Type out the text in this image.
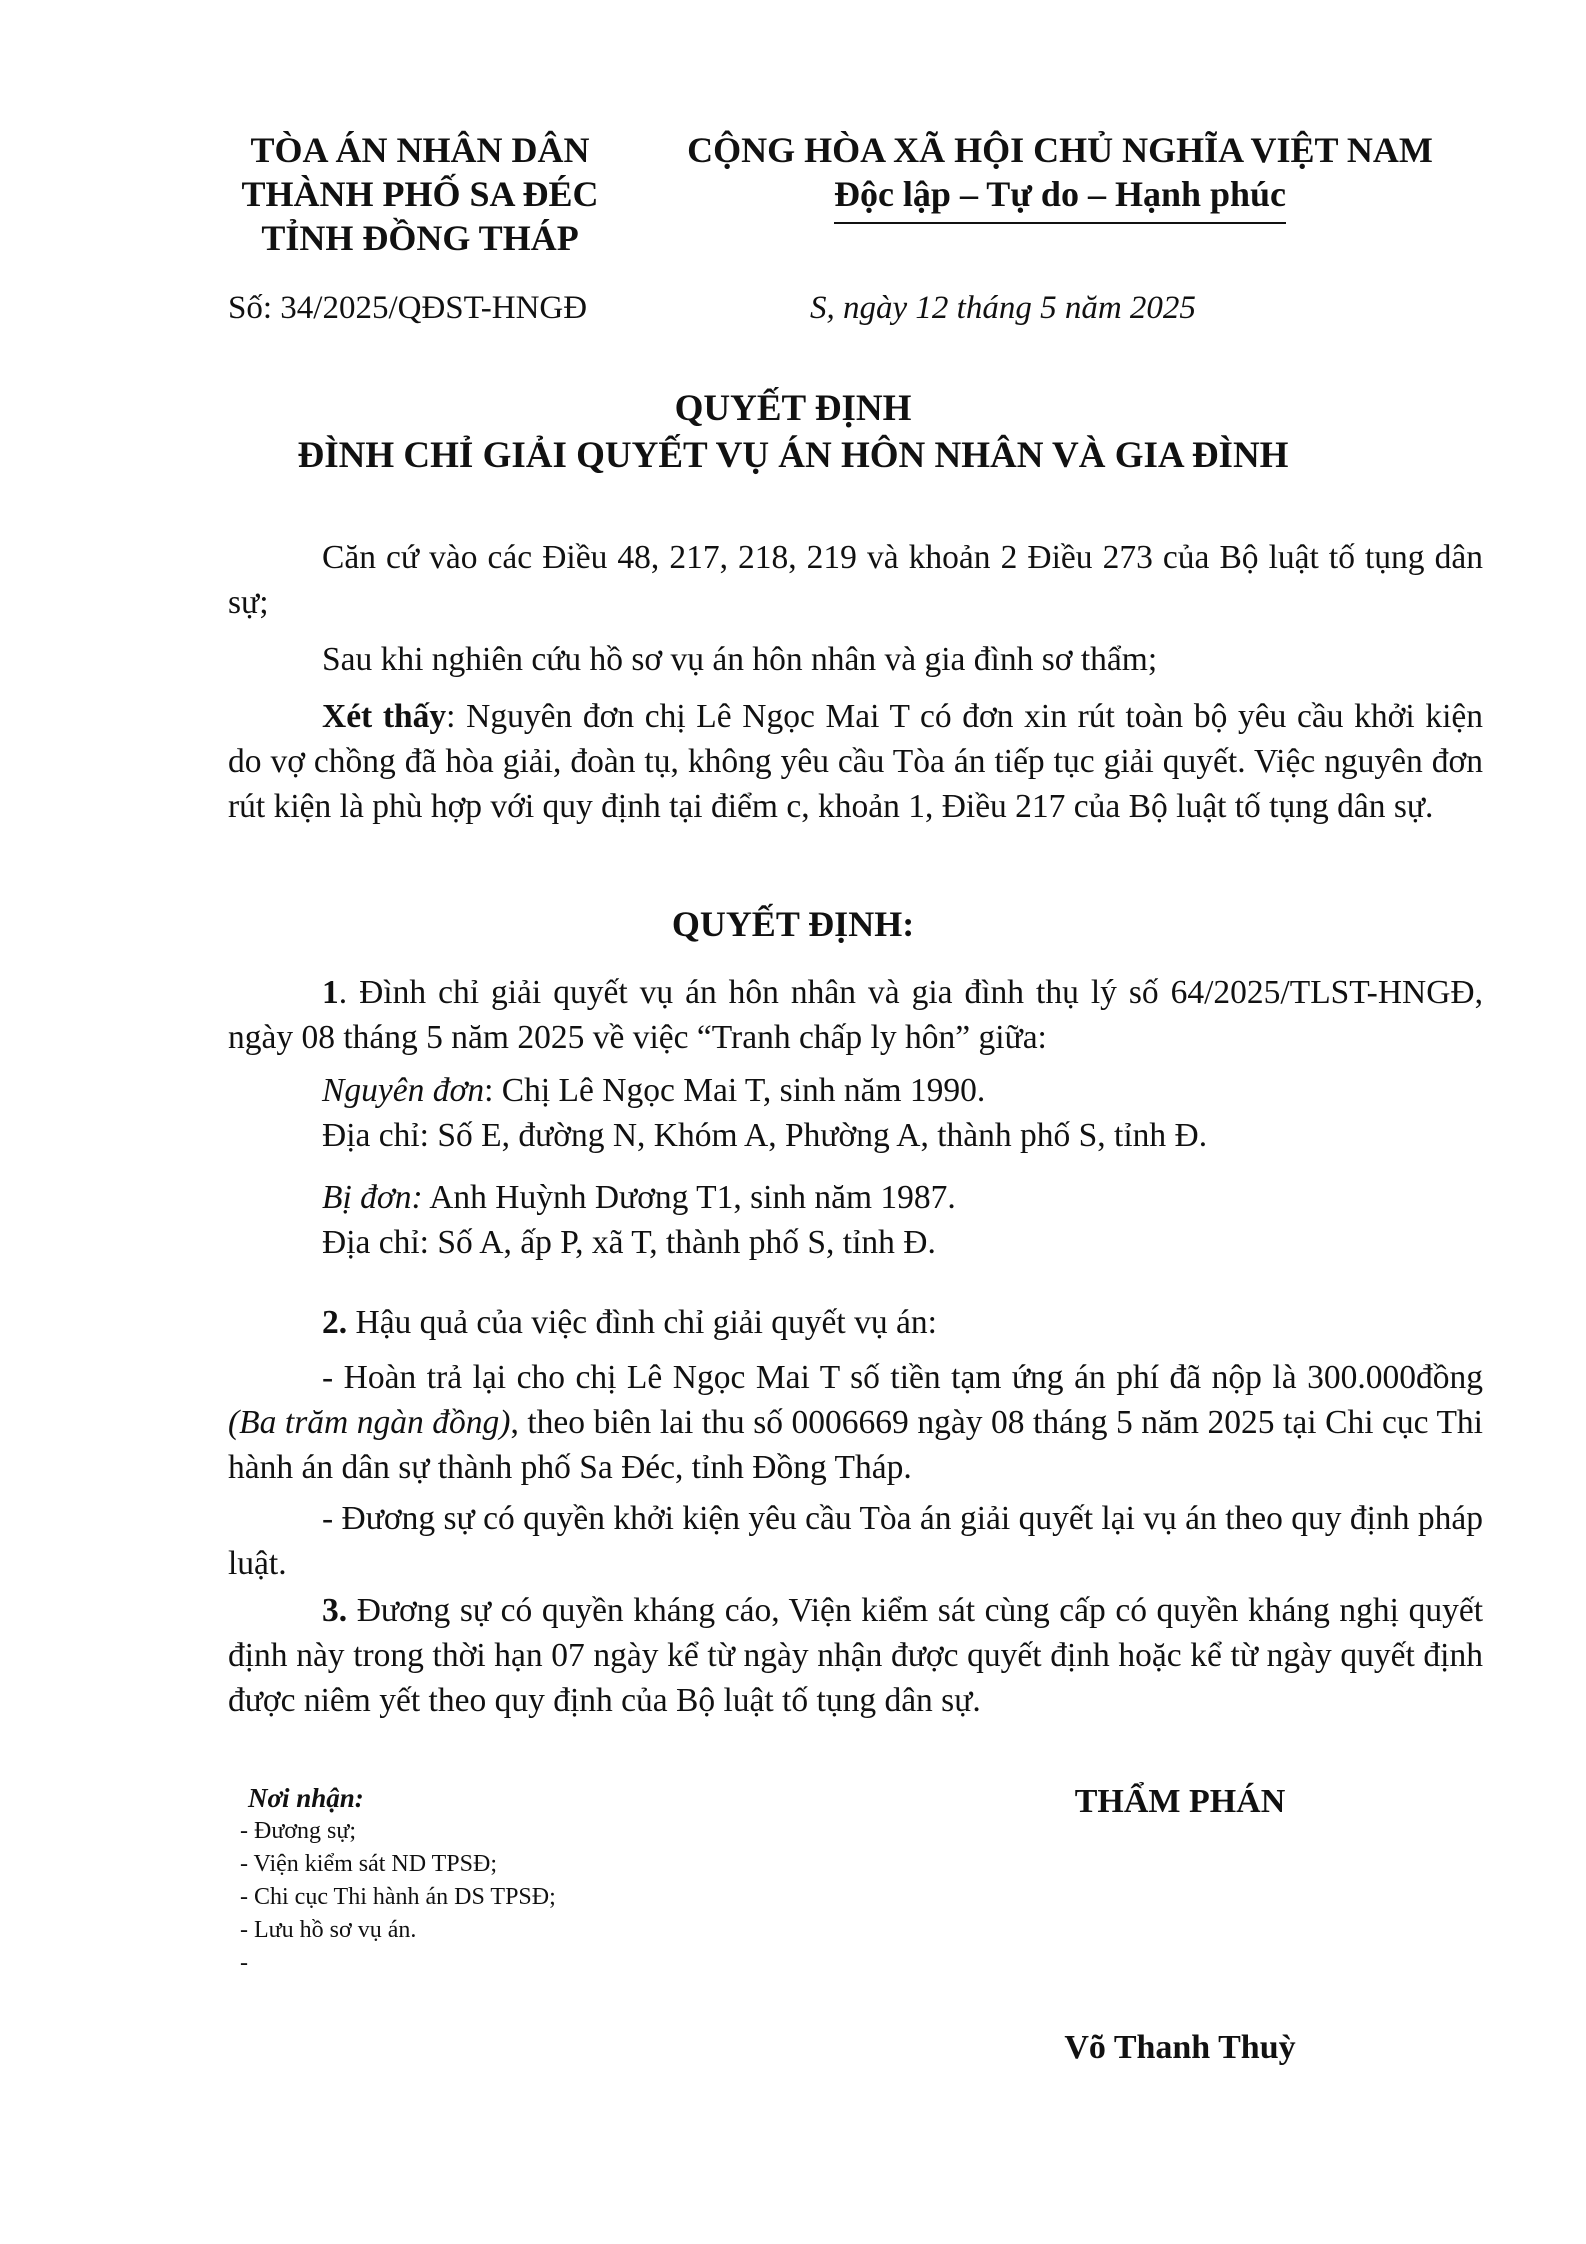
TÒA ÁN NHÂN DÂN
THÀNH PHỐ SA ĐÉC
TỈNH ĐỒNG THÁP
CỘNG HÒA XÃ HỘI CHỦ NGHĨA VIỆT NAM
Độc lập – Tự do – Hạnh phúc
Số: 34/2025/QĐST-HNGĐ	S, ngày 12 tháng 5 năm 2025
QUYẾT ĐỊNH
ĐÌNH CHỈ GIẢI QUYẾT VỤ ÁN HÔN NHÂN VÀ GIA ĐÌNH

Căn cứ vào các Điều 48, 217, 218, 219 và khoản 2 Điều 273 của Bộ luật tố tụng dân sự;

Sau khi nghiên cứu hồ sơ vụ án hôn nhân và gia đình sơ thẩm;

Xét thấy: Nguyên đơn chị Lê Ngọc Mai T có đơn xin rút toàn bộ yêu cầu khởi kiện do vợ chồng đã hòa giải, đoàn tụ, không yêu cầu Tòa án tiếp tục giải quyết. Việc nguyên đơn rút kiện là phù hợp với quy định tại điểm c, khoản 1, Điều 217 của Bộ luật tố tụng dân sự.

QUYẾT ĐỊNH:

1. Đình chỉ giải quyết vụ án hôn nhân và gia đình thụ lý số 64/2025/TLST-HNGĐ, ngày 08 tháng 5 năm 2025 về việc “Tranh chấp ly hôn” giữa:

Nguyên đơn: Chị Lê Ngọc Mai T, sinh năm 1990.
Địa chỉ: Số E, đường N, Khóm A, Phường A, thành phố S, tỉnh Đ.
Bị đơn: Anh Huỳnh Dương T1, sinh năm 1987.
Địa chỉ: Số A, ấp P, xã T, thành phố S, tỉnh Đ.

2. Hậu quả của việc đình chỉ giải quyết vụ án:

- Hoàn trả lại cho chị Lê Ngọc Mai T số tiền tạm ứng án phí đã nộp là 300.000đồng (Ba trăm ngàn đồng), theo biên lai thu số 0006669 ngày 08 tháng 5 năm 2025 tại Chi cục Thi hành án dân sự thành phố Sa Đéc, tỉnh Đồng Tháp.

- Đương sự có quyền khởi kiện yêu cầu Tòa án giải quyết lại vụ án theo quy định pháp luật.

3. Đương sự có quyền kháng cáo, Viện kiểm sát cùng cấp có quyền kháng nghị quyết định này trong thời hạn 07 ngày kể từ ngày nhận được quyết định hoặc kể từ ngày quyết định được niêm yết theo quy định của Bộ luật tố tụng dân sự.

Nơi nhận:
- Đương sự;
- Viện kiểm sát ND TPSĐ;
- Chi cục Thi hành án DS TPSĐ;
- Lưu hồ sơ vụ án.
-
THẨM PHÁN
Võ Thanh Thuỳ
